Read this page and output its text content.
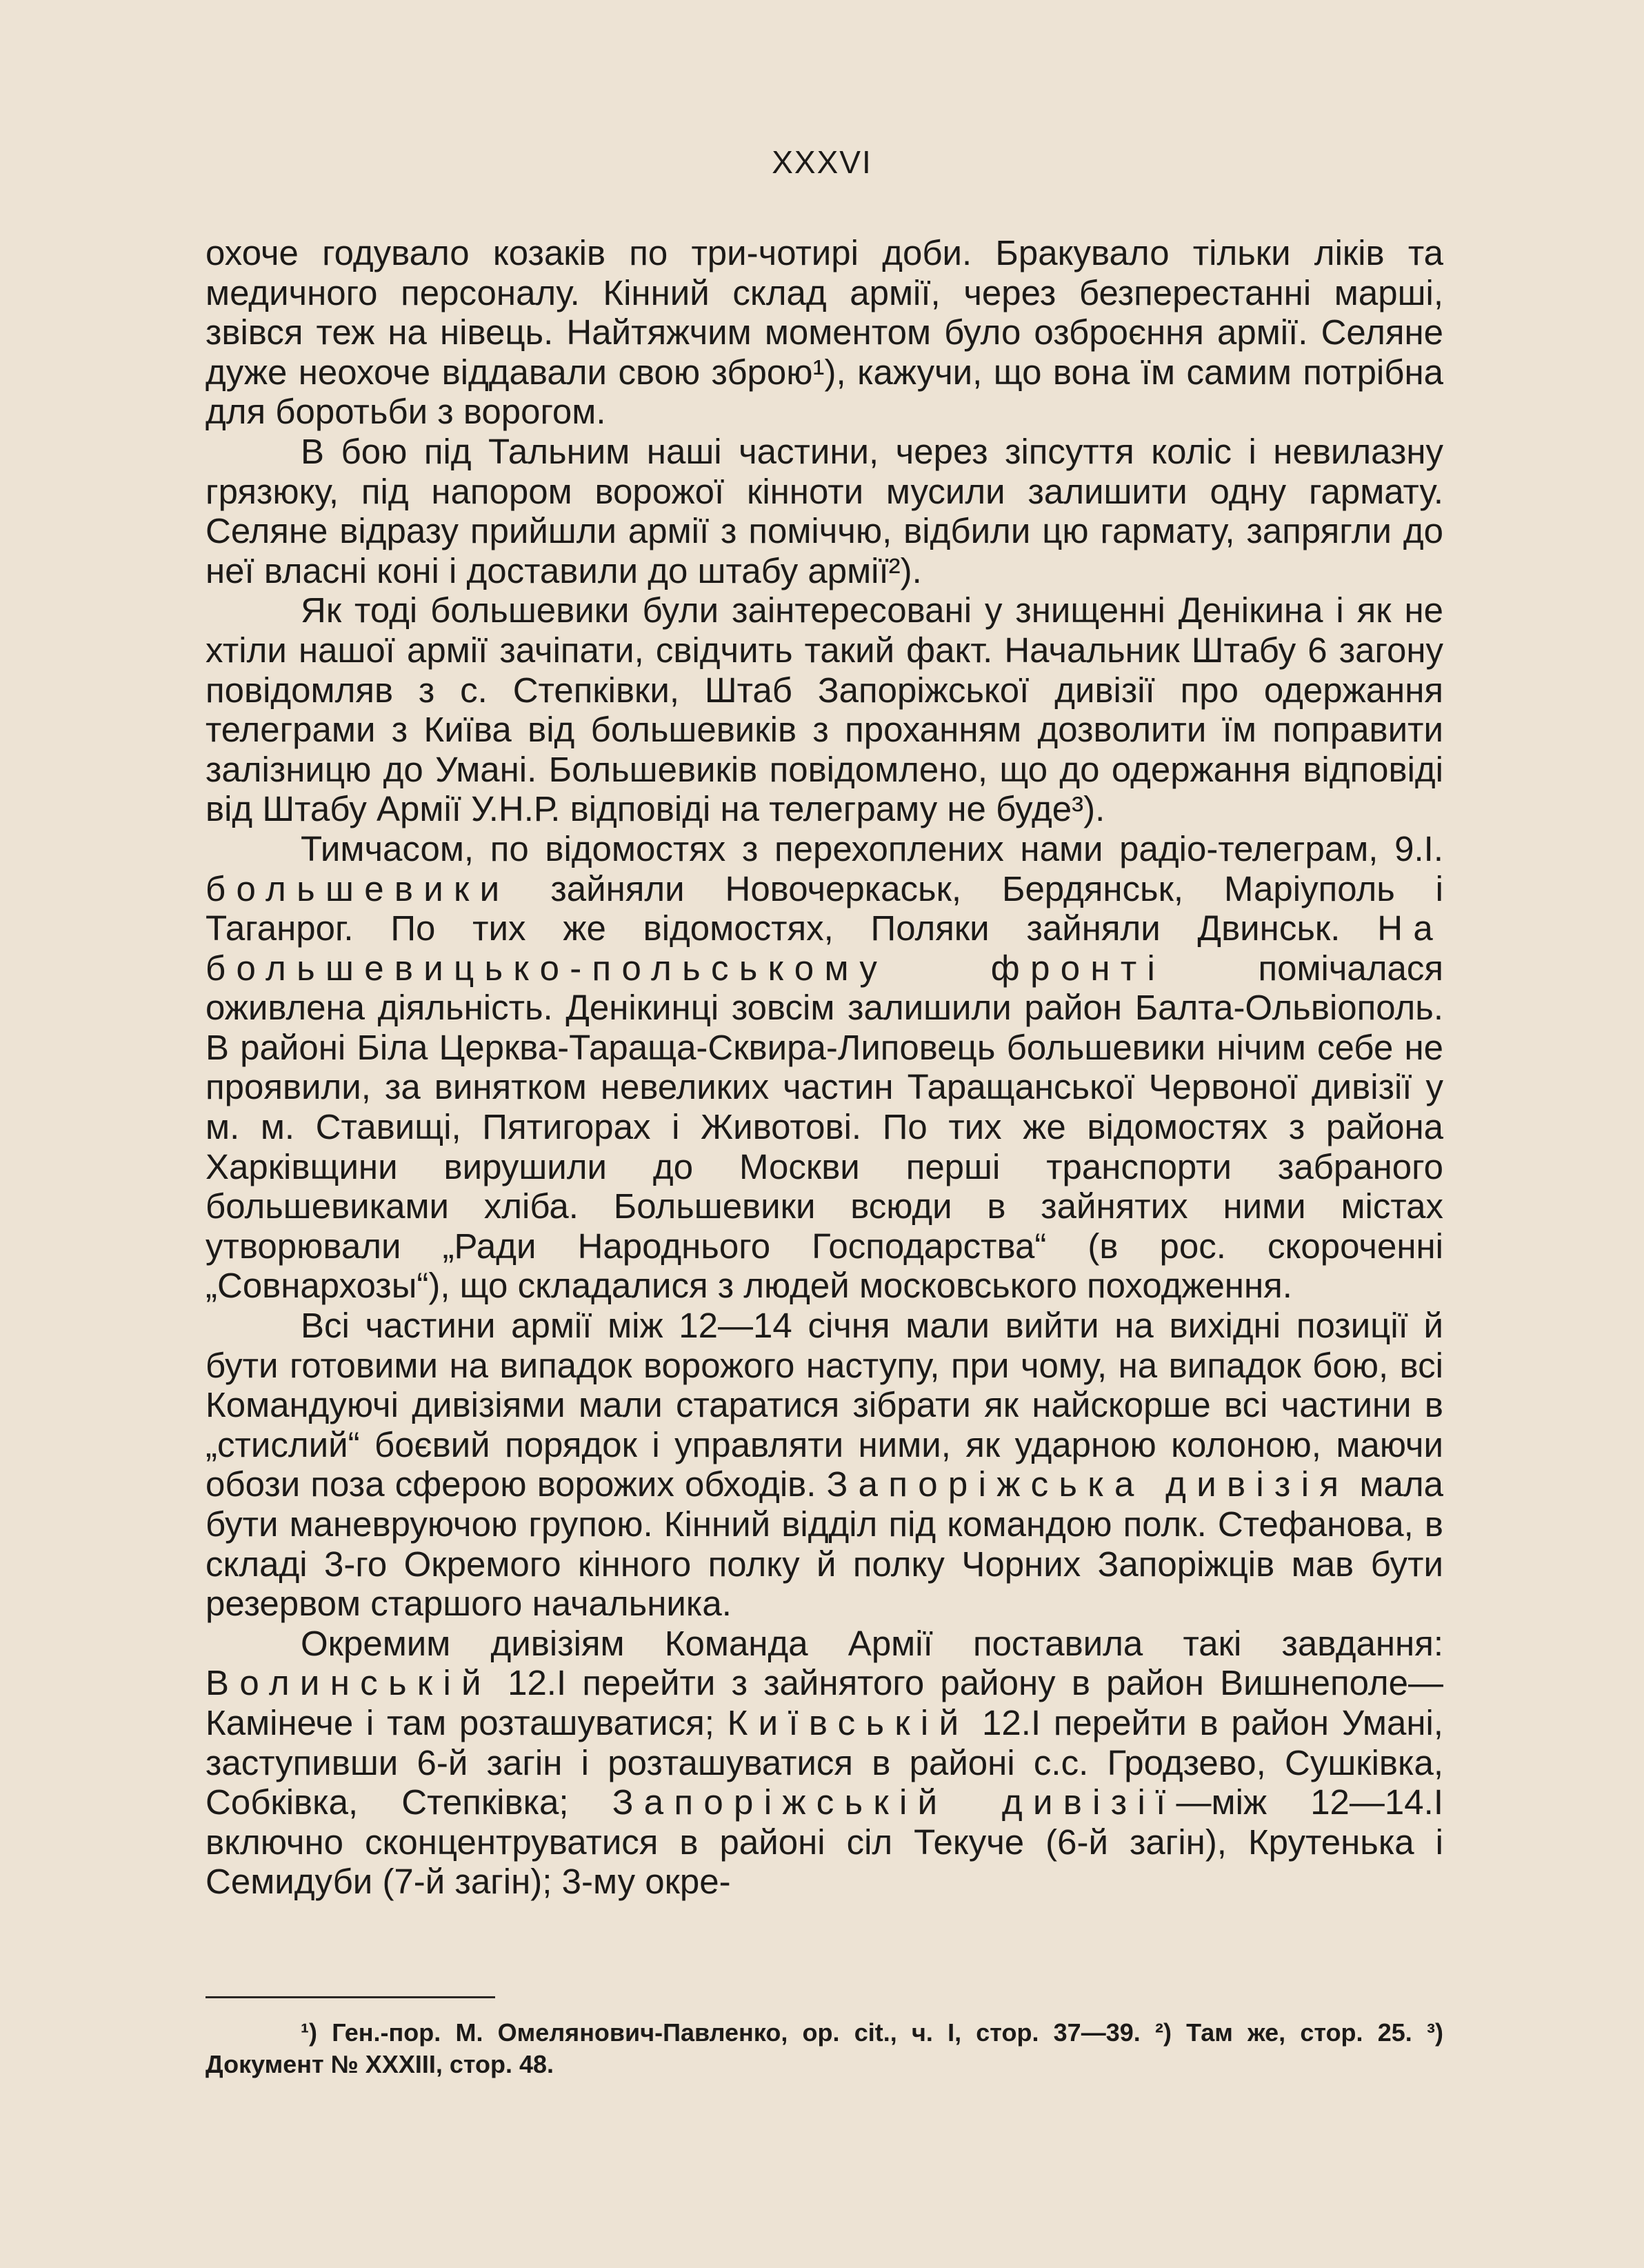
XXXVI

охоче годувало козаків по три-чотирі доби. Бракувало тільки ліків та медичного персоналу. Кінний склад армії, через безперестанні марші, звівся теж на нівець. Найтяжчим моментом було озброєння армії. Селяне дуже неохоче віддавали свою зброю¹), кажучи, що вона їм самим потрібна для боротьби з ворогом.

В бою під Тальним наші частини, через зіпсуття коліс і невилазну грязюку, під напором ворожої кінноти мусили залишити одну гармату. Селяне відразу прийшли армії з поміччю, відбили цю гармату, запрягли до неї власні коні і доставили до штабу армії²).

Як тоді большевики були заінтересовані у знищенні Денікина і як не хтіли нашої армії зачіпати, свідчить такий факт. Начальник Штабу 6 загону повідомляв з с. Степківки, Штаб Запоріжської дивізії про одержання телеграми з Київа від большевиків з проханням дозволити їм поправити залізницю до Умані. Большевиків повідомлено, що до одержання відповіді від Штабу Армії У.Н.Р. відповіді на телеграму не буде³).

Тимчасом, по відомостях з перехоплених нами радіо-телеграм, 9.I. большевики зайняли Новочеркаськ, Бердянськ, Маріуполь і Таганрог. По тих же відомостях, Поляки зайняли Двинськ. На большевицько-польському фронті помічалася оживлена діяльність. Денікинці зовсім залишили район Балта-Ольвіополь. В районі Біла Церква-Тараща-Сквира-Липовець большевики нічим себе не проявили, за винятком невеликих частин Таращанської Червоної дивізії у м. м. Ставищі, Пятигорах і Животові. По тих же відомостях з района Харківщини вирушили до Москви перші транспорти забраного большевиками хліба. Большевики всюди в зайнятих ними містах утворювали „Ради Народнього Господарства“ (в рос. скороченні „Совнархозы“), що складалися з людей московського походження.

Всі частини армії між 12—14 січня мали вийти на вихідні позиції й бути готовими на випадок ворожого наступу, при чому, на випадок бою, всі Командуючі дивізіями мали старатися зібрати як найскорше всі частини в „стислий“ боєвий порядок і управляти ними, як ударною колоною, маючи обози поза сферою ворожих обходів. Запоріжська дивізія мала бути маневруючою групою. Кінний відділ під командою полк. Стефанова, в складі 3-го Окремого кінного полку й полку Чорних Запоріжців мав бути резервом старшого начальника.

Окремим дивізіям Команда Армії поставила такі завдання: Волинській 12.I перейти з зайнятого району в район Вишнеполе—Камінече і там розташуватися; Київській 12.I перейти в район Умані, заступивши 6-й загін і розташуватися в районі с.с. Гродзево, Сушківка, Собківка, Степківка; Запоріжській дивізії—між 12—14.I включно сконцентруватися в районі сіл Текуче (6-й загін), Крутенька і Семидуби (7-й загін); 3-му окре-

¹) Ген.-пор. М. Омелянович-Павленко, op. cit., ч. I, стор. 37—39. ²) Там же, стор. 25. ³) Документ № XXXIII, стор. 48.
